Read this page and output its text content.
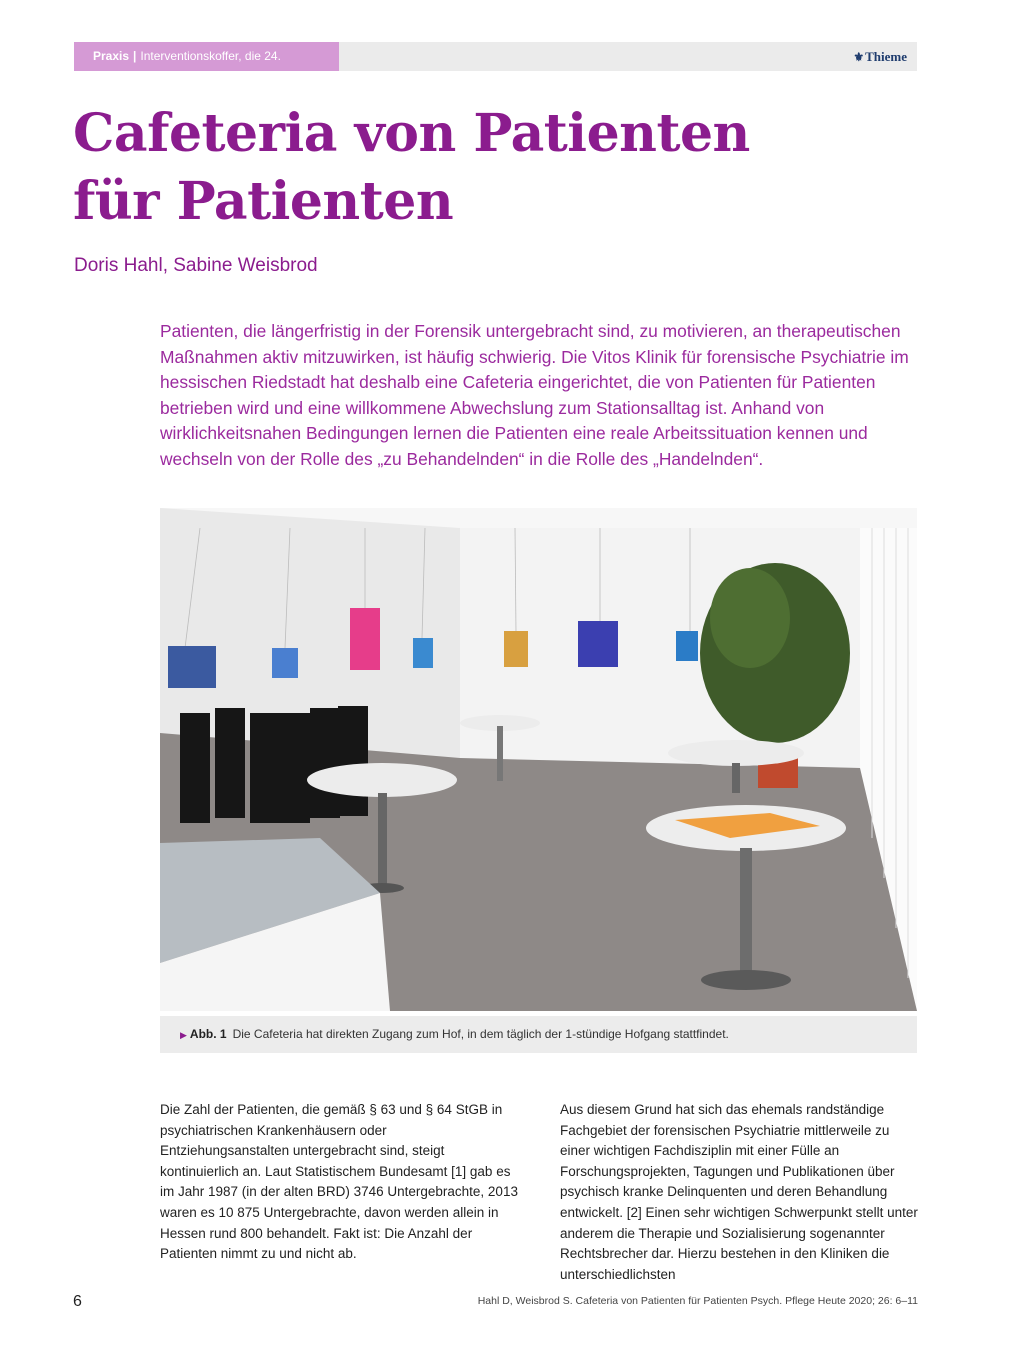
Praxis | Interventionskoffer, die 24.	⚜Thieme
Cafeteria von Patienten
für Patienten
Doris Hahl, Sabine Weisbrod

Patienten, die längerfristig in der Forensik untergebracht sind, zu motivieren, an therapeutischen Maßnahmen aktiv mitzuwirken, ist häufig schwierig. Die Vitos Klinik für forensische Psychiatrie im hessischen Riedstadt hat deshalb eine Cafeteria eingerichtet, die von Patienten für Patienten betrieben wird und eine willkommene Abwechslung zum Stationsalltag ist. Anhand von wirklichkeitsnahen Bedingungen lernen die Patienten eine reale Arbeitssituation kennen und wechseln von der Rolle des „zu Behandelnden“ in die Rolle des „Handelnden“.

▶ Abb. 1 Die Cafeteria hat direkten Zugang zum Hof, in dem täglich der 1-stündige Hofgang stattfindet.

Die Zahl der Patienten, die gemäß § 63 und § 64 StGB in psychiatrischen Krankenhäusern oder Entziehungsanstalten untergebracht sind, steigt kontinuierlich an. Laut Statistischem Bundesamt [1] gab es im Jahr 1987 (in der alten BRD) 3746 Untergebrachte, 2013 waren es 10 875 Untergebrachte, davon werden allein in Hessen rund 800 behandelt. Fakt ist: Die Anzahl der Patienten nimmt zu und nicht ab.

Aus diesem Grund hat sich das ehemals randständige Fachgebiet der forensischen Psychiatrie mittlerweile zu einer wichtigen Fachdisziplin mit einer Fülle an Forschungsprojekten, Tagungen und Publikationen über psychisch kranke Delinquenten und deren Behandlung entwickelt. [2] Einen sehr wichtigen Schwerpunkt stellt unter anderem die Therapie und Sozialisierung sogenannter Rechtsbrecher dar. Hierzu bestehen in den Kliniken die unterschiedlichsten

6	Hahl D, Weisbrod S. Cafeteria von Patienten für Patienten Psych. Pflege Heute 2020; 26: 6–11
